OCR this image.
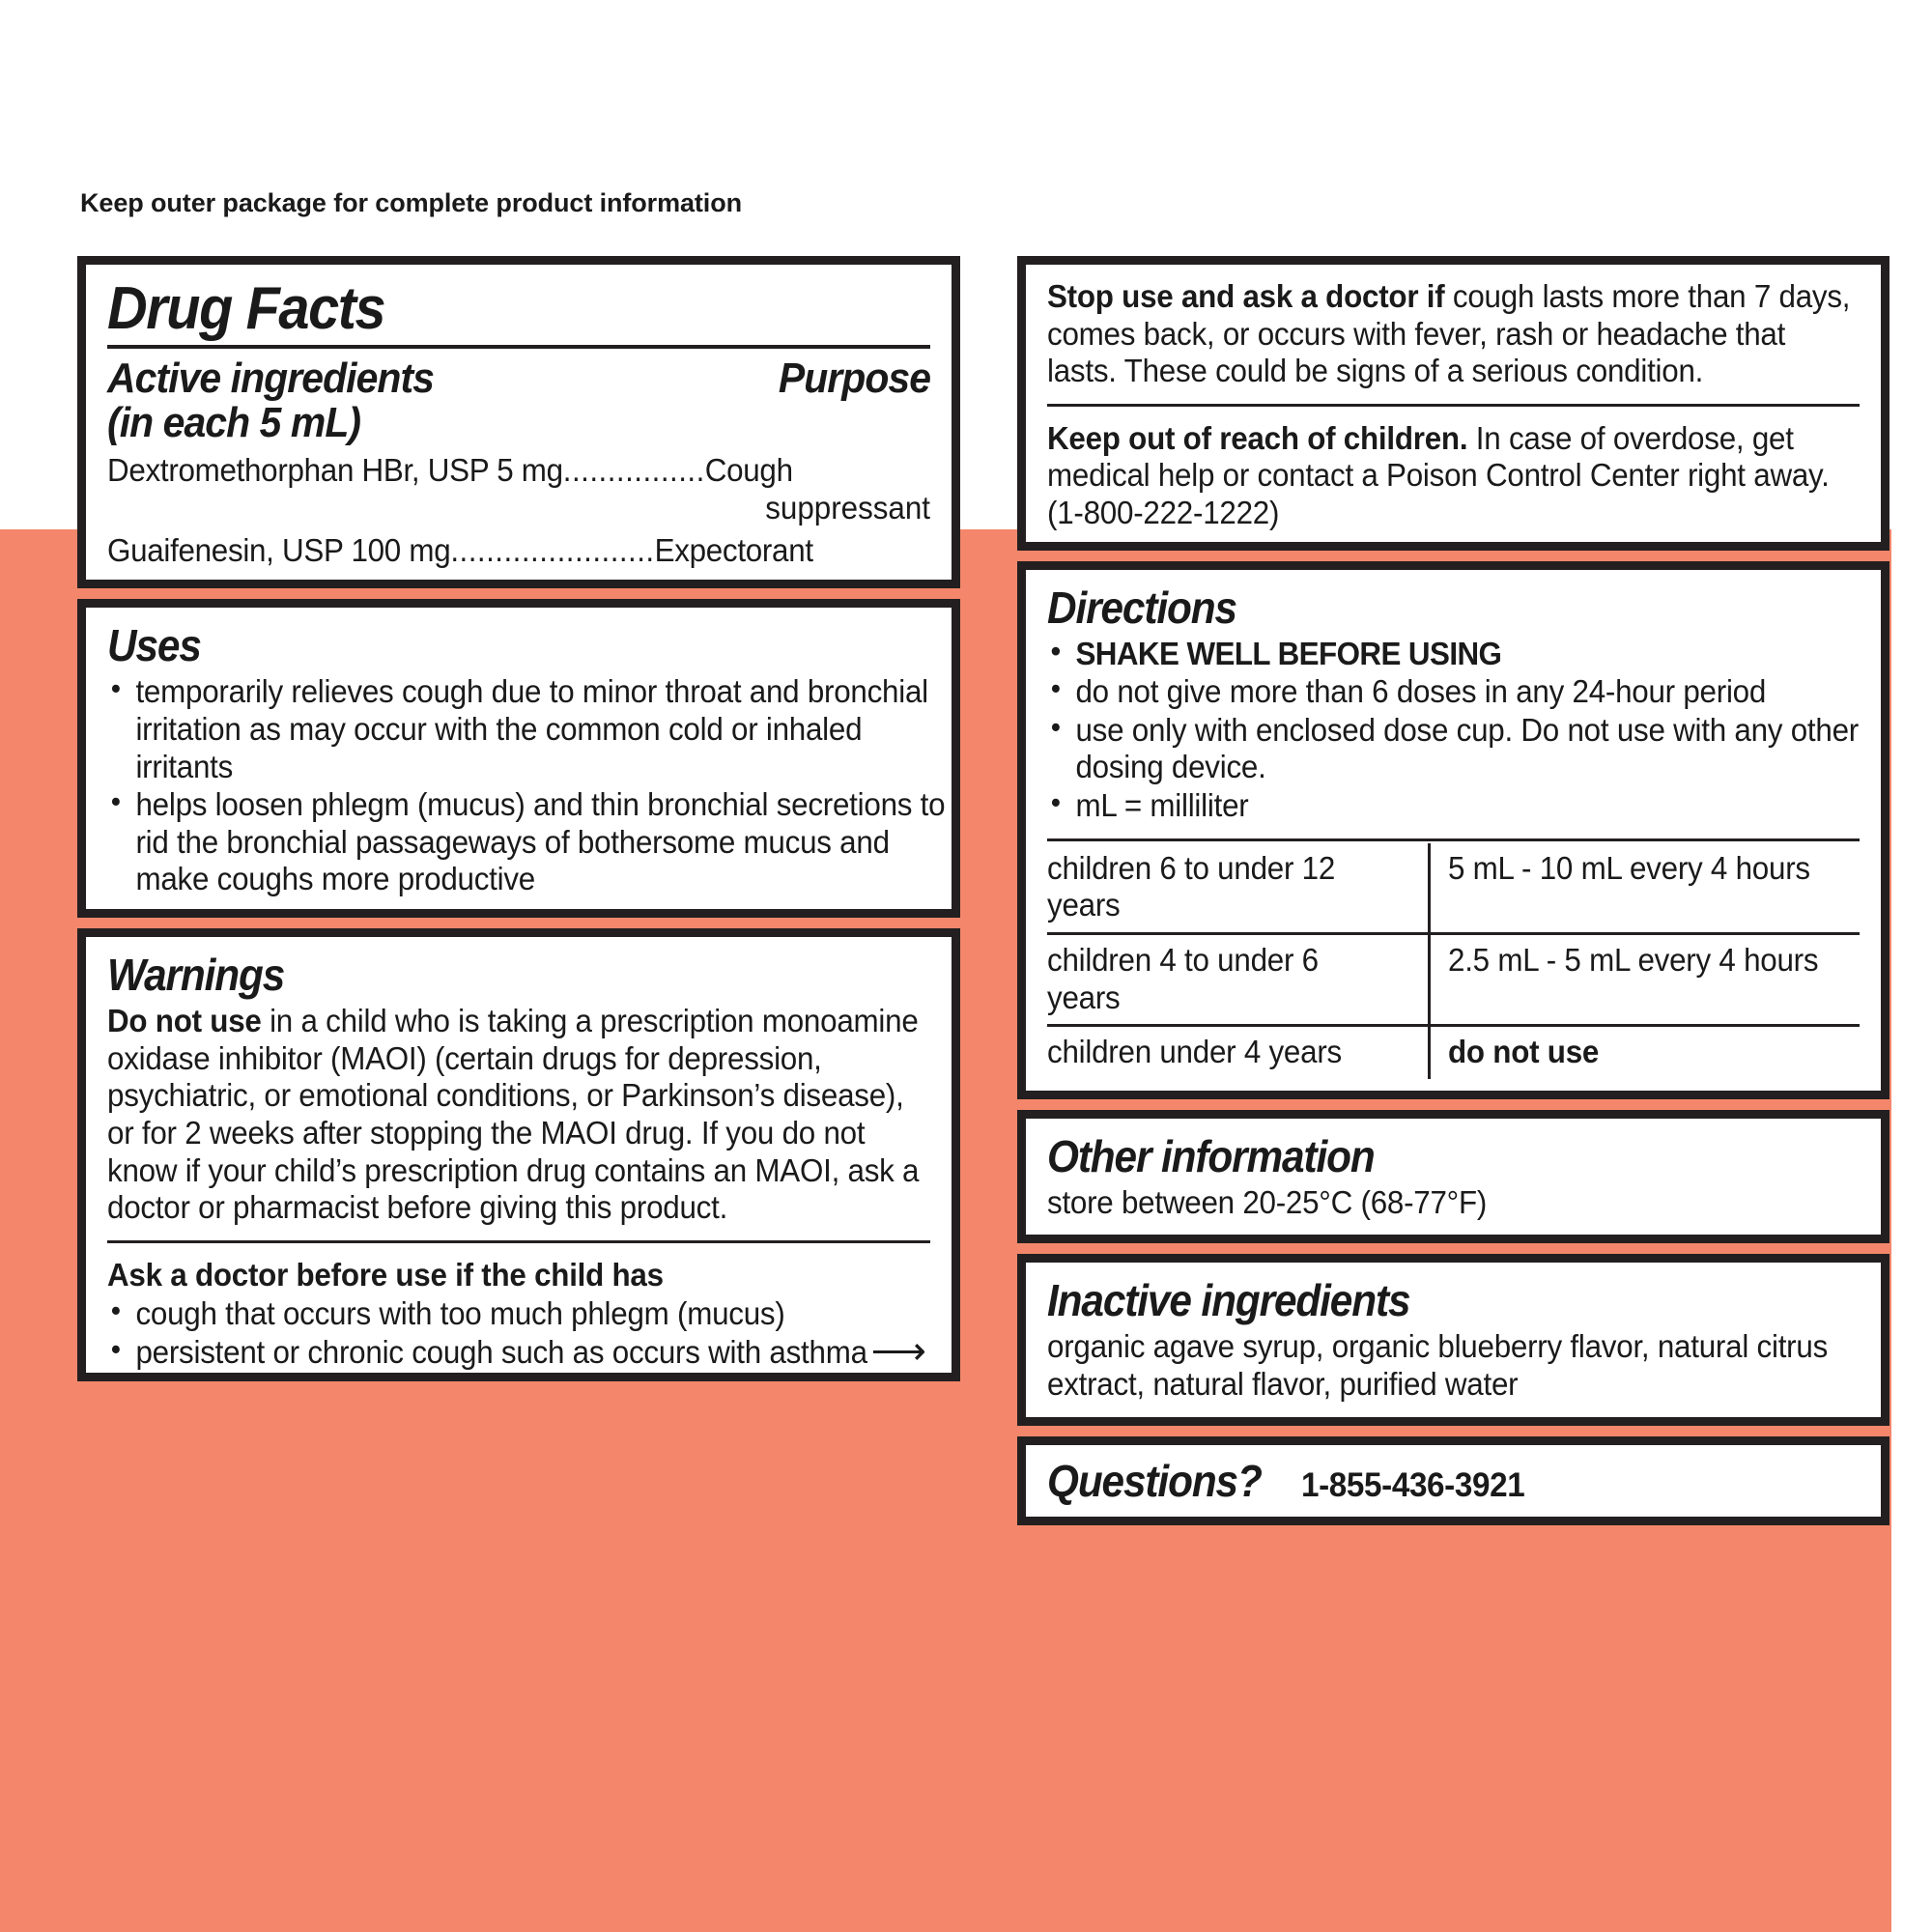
Keep outer package for complete product information
Drug Facts
Active ingredients
(in each 5 mL)
Purpose
Dextromethorphan HBr, USP 5 mg................Cough
suppressant
Guaifenesin, USP 100 mg.......................Expectorant
Uses
• temporarily relieves cough due to minor throat and bronchial irritation as may occur with the common cold or inhaled irritants
• helps loosen phlegm (mucus) and thin bronchial secretions to rid the bronchial passageways of bothersome mucus and make coughs more productive
Warnings
Do not use in a child who is taking a prescription monoamine oxidase inhibitor (MAOI) (certain drugs for depression, psychiatric, or emotional conditions, or Parkinson’s disease), or for 2 weeks after stopping the MAOI drug. If you do not know if your child’s prescription drug contains an MAOI, ask a doctor or pharmacist before giving this product.
Ask a doctor before use if the child has
• cough that occurs with too much phlegm (mucus)
• persistent or chronic cough such as occurs with asthma ⟶
Stop use and ask a doctor if cough lasts more than 7 days, comes back, or occurs with fever, rash or headache that lasts. These could be signs of a serious condition.
Keep out of reach of children. In case of overdose, get medical help or contact a Poison Control Center right away. (1-800-222-1222)
Directions
• SHAKE WELL BEFORE USING
• do not give more than 6 doses in any 24-hour period
• use only with enclosed dose cup. Do not use with any other dosing device.
• mL = milliliter
children 6 to under 12 years	5 mL - 10 mL every 4 hours

children 4 to under 6 years	2.5 mL - 5 mL every 4 hours

children under 4 years	do not use
Other information
store between 20-25°C (68-77°F)
Inactive ingredients
organic agave syrup, organic blueberry flavor, natural citrus extract, natural flavor, purified water
Questions? 1-855-436-3921
